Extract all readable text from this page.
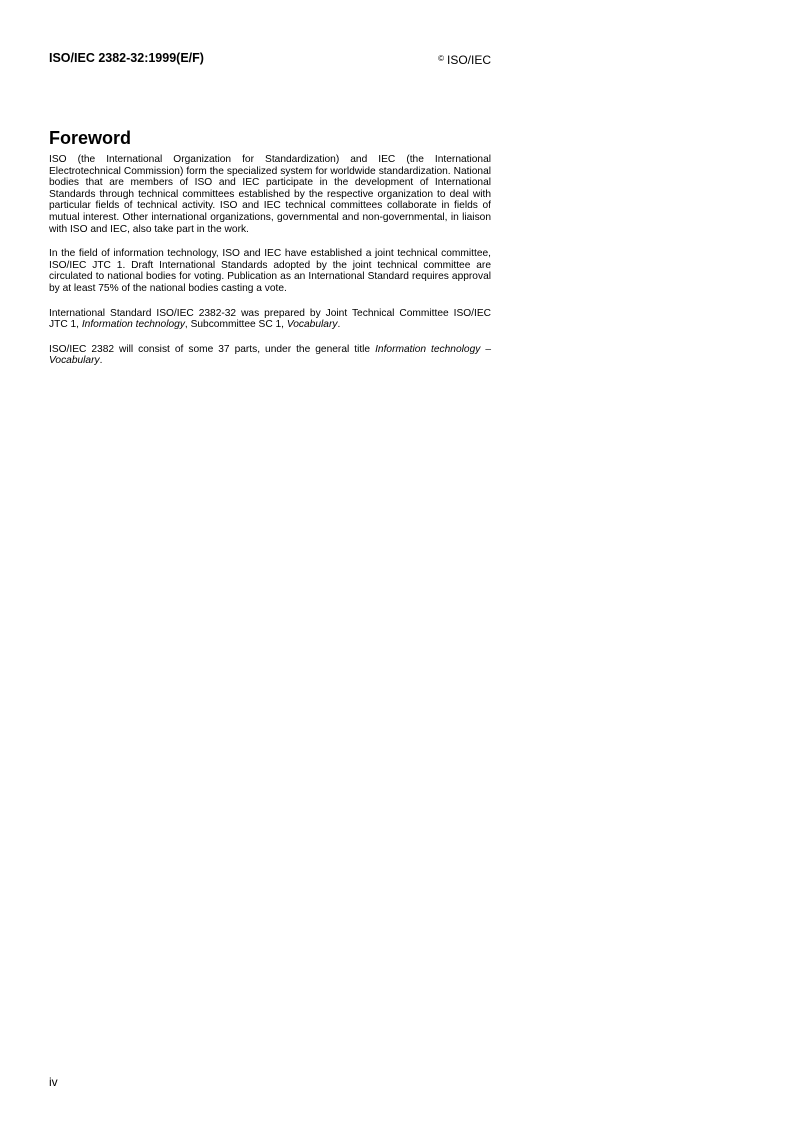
ISO/IEC 2382-32:1999(E/F)	© ISO/IEC
Foreword

ISO (the International Organization for Standardization) and IEC (the International Electrotechnical Commission) form the specialized system for worldwide standardization. National bodies that are members of ISO and IEC participate in the development of International Standards through technical committees established by the respective organization to deal with particular fields of technical activity. ISO and IEC technical committees collaborate in fields of mutual interest. Other international organizations, governmental and non-governmental, in liaison with ISO and IEC, also take part in the work.

In the field of information technology, ISO and IEC have established a joint technical committee, ISO/IEC JTC 1. Draft International Standards adopted by the joint technical committee are circulated to national bodies for voting. Publication as an International Standard requires approval by at least 75% of the national bodies casting a vote.

International Standard ISO/IEC 2382-32 was prepared by Joint Technical Committee ISO/IEC JTC 1, Information technology, Subcommittee SC 1, Vocabulary.

ISO/IEC 2382 will consist of some 37 parts, under the general title Information technology – Vocabulary.

iv
